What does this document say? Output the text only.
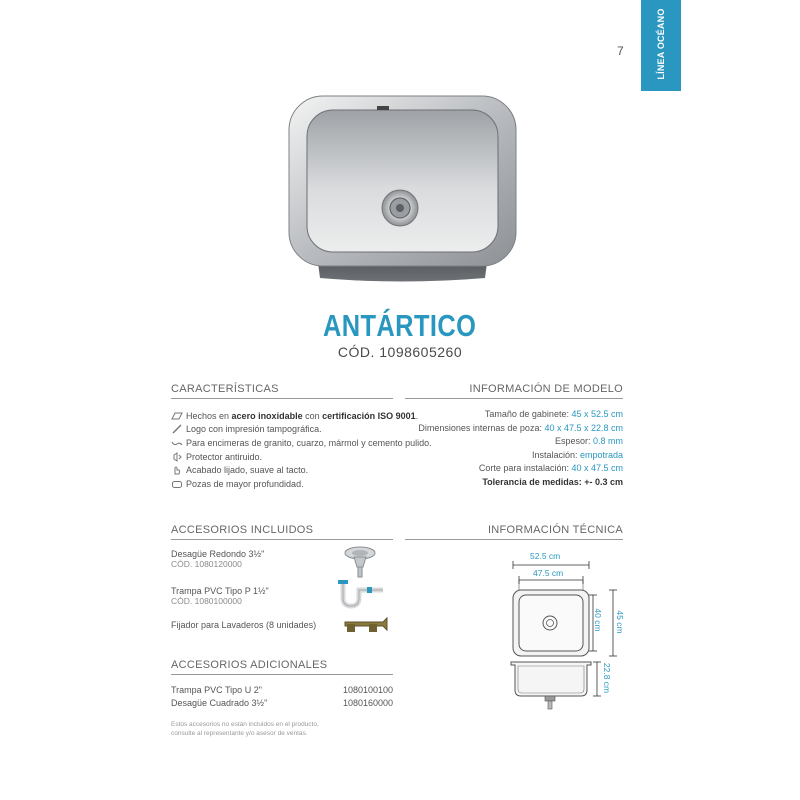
LÍNEA OCÉANO
7
ANTÁRTICO
CÓD. 1098605260
CARACTERÍSTICAS
Hechos en
acero inoxidable
con
certificación ISO 9001 .
Logo con impresión tampográfica.
Para encimeras de granito, cuarzo, mármol y cemento pulido.
Protector antiruido.
Acabado lijado, suave al tacto.
Pozas de mayor profundidad.
INFORMACIÓN DE MODELO
Tamaño de gabinete: 45 x 52.5 cm
Dimensiones internas de poza: 40 x 47.5 x 22.8 cm
Espesor: 0.8 mm
Instalación: empotrada
Corte para instalación: 40 x 47.5 cm
Tolerancia de medidas: +- 0.3 cm
ACCESORIOS INCLUIDOS
Desagüe Redondo 3½"
CÓD. 1080120000
Trampa PVC Tipo P 1½"
CÓD. 1080100000
Fijador para Lavaderos (8 unidades)
ACCESORIOS ADICIONALES
Trampa PVC Tipo U 2"	1080100100
Desagüe Cuadrado 3½"	1080160000
Estos accesorios no están incluidos en el producto,
consulte al representante y/o asesor de ventas.
INFORMACIÓN TÉCNICA
52.5 cm
47.5 cm
40 cm 45 cm
22.8 cm
